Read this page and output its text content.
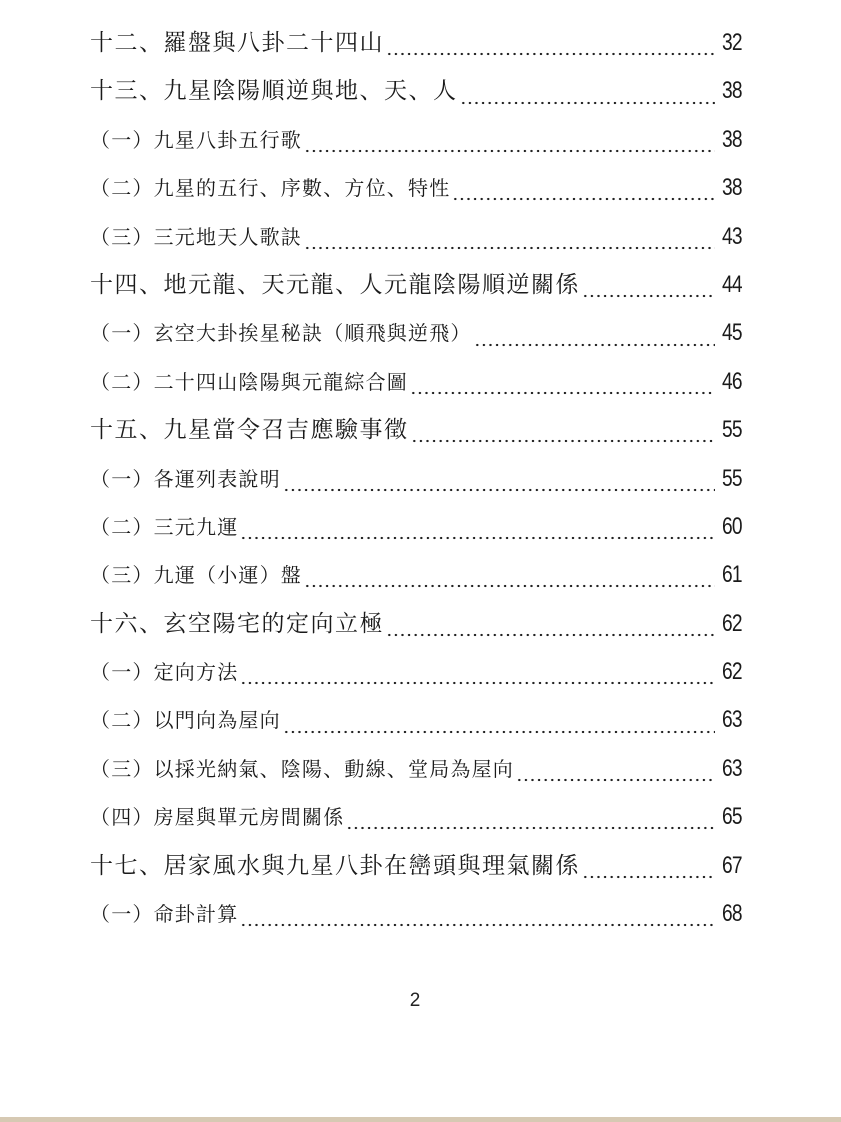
十二、羅盤與八卦二十四山	32
十三、九星陰陽順逆與地、天、人	38
（一）九星八卦五行歌	38
（二）九星的五行、序數、方位、特性	38
（三）三元地天人歌訣	43
十四、地元龍、天元龍、人元龍陰陽順逆關係	44
（一）玄空大卦挨星秘訣（順飛與逆飛）	45
（二）二十四山陰陽與元龍綜合圖	46
十五、九星當令召吉應驗事徵	55
（一）各運列表說明	55
（二）三元九運	60
（三）九運（小運）盤	61
十六、玄空陽宅的定向立極	62
（一）定向方法	62
（二）以門向為屋向	63
（三）以採光納氣、陰陽、動線、堂局為屋向	63
（四）房屋與單元房間關係	65
十七、居家風水與九星八卦在巒頭與理氣關係	67
（一）命卦計算	68
2
